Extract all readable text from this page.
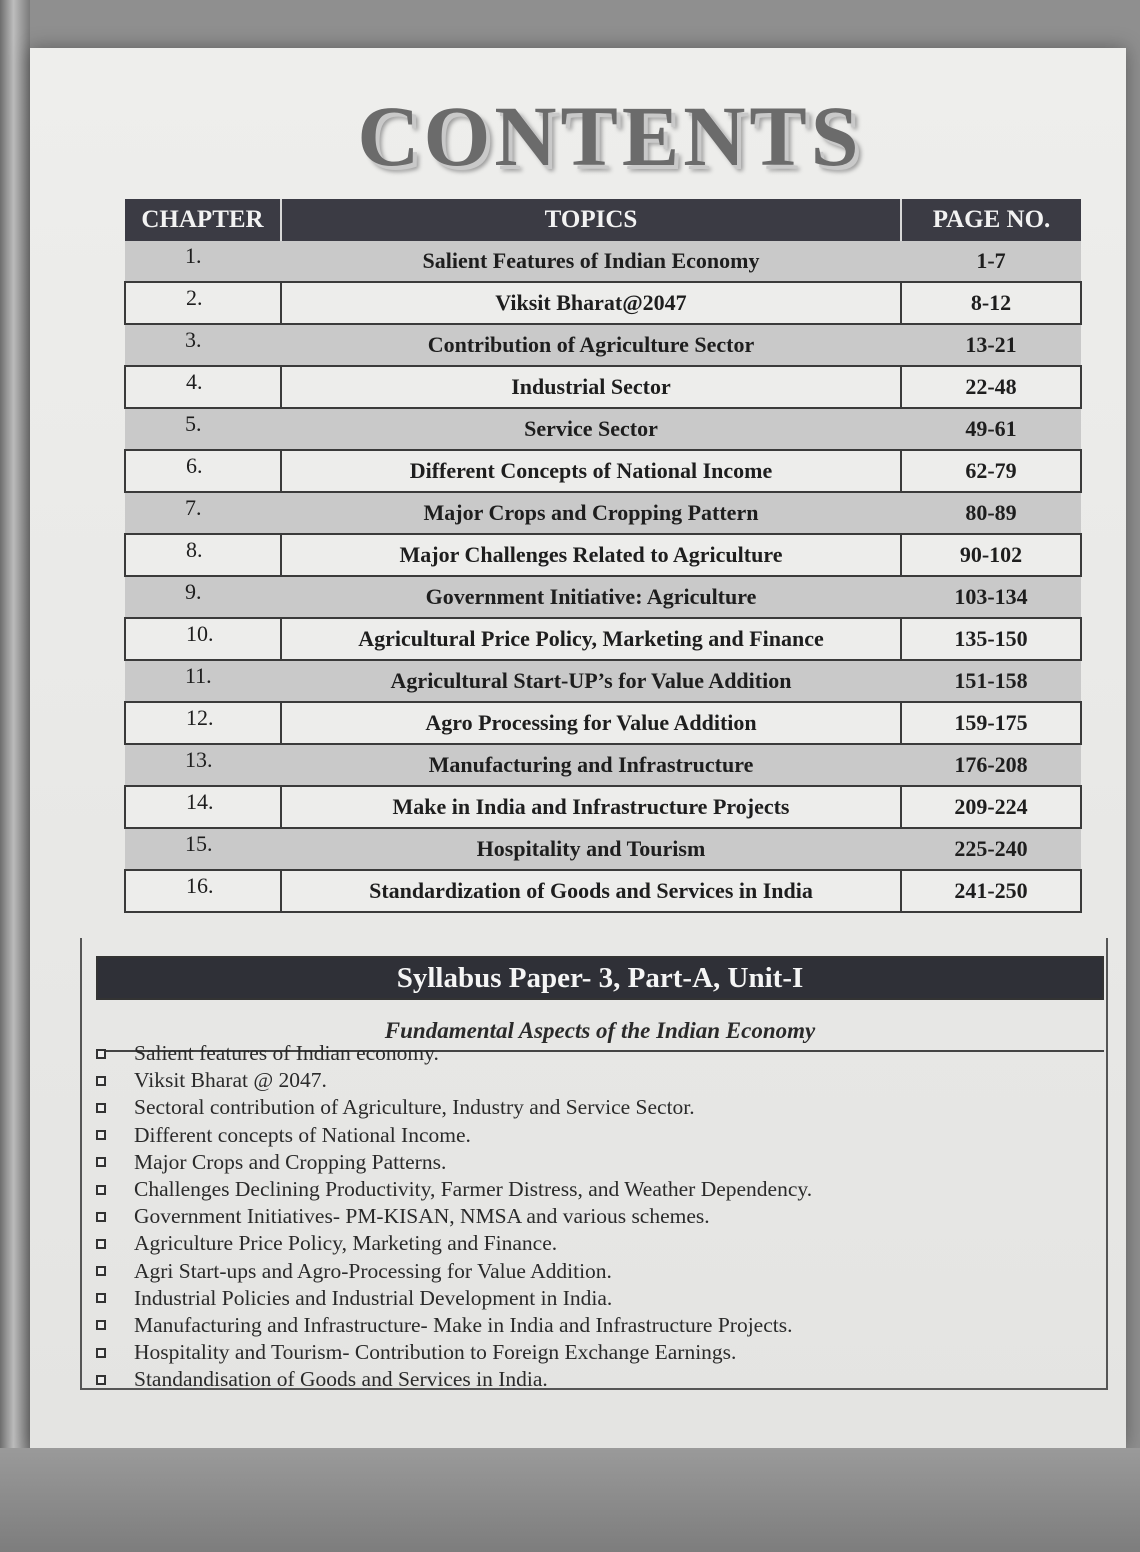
CONTENTS
CHAPTER	TOPICS	PAGE NO.
1.	Salient Features of Indian Economy	1-7
2.	Viksit Bharat@2047	8-12
3.	Contribution of Agriculture Sector	13-21
4.	Industrial Sector	22-48
5.	Service Sector	49-61
6.	Different Concepts of National Income	62-79
7.	Major Crops and Cropping Pattern	80-89
8.	Major Challenges Related to Agriculture	90-102
9.	Government Initiative: Agriculture	103-134
10.	Agricultural Price Policy, Marketing and Finance	135-150
11.	Agricultural Start-UP’s for Value Addition	151-158
12.	Agro Processing for Value Addition	159-175
13.	Manufacturing and Infrastructure	176-208
14.	Make in India and Infrastructure Projects	209-224
15.	Hospitality and Tourism	225-240
16.	Standardization of Goods and Services in India	241-250
Syllabus Paper- 3, Part-A, Unit-I
Fundamental Aspects of the Indian Economy
Salient features of Indian economy.
Viksit Bharat @ 2047.
Sectoral contribution of Agriculture, Industry and Service Sector.
Different concepts of National Income.
Major Crops and Cropping Patterns.
Challenges Declining Productivity, Farmer Distress, and Weather Dependency.
Government Initiatives- PM-KISAN, NMSA and various schemes.
Agriculture Price Policy, Marketing and Finance.
Agri Start-ups and Agro-Processing for Value Addition.
Industrial Policies and Industrial Development in India.
Manufacturing and Infrastructure- Make in India and Infrastructure Projects.
Hospitality and Tourism- Contribution to Foreign Exchange Earnings.
Standandisation of Goods and Services in India.
